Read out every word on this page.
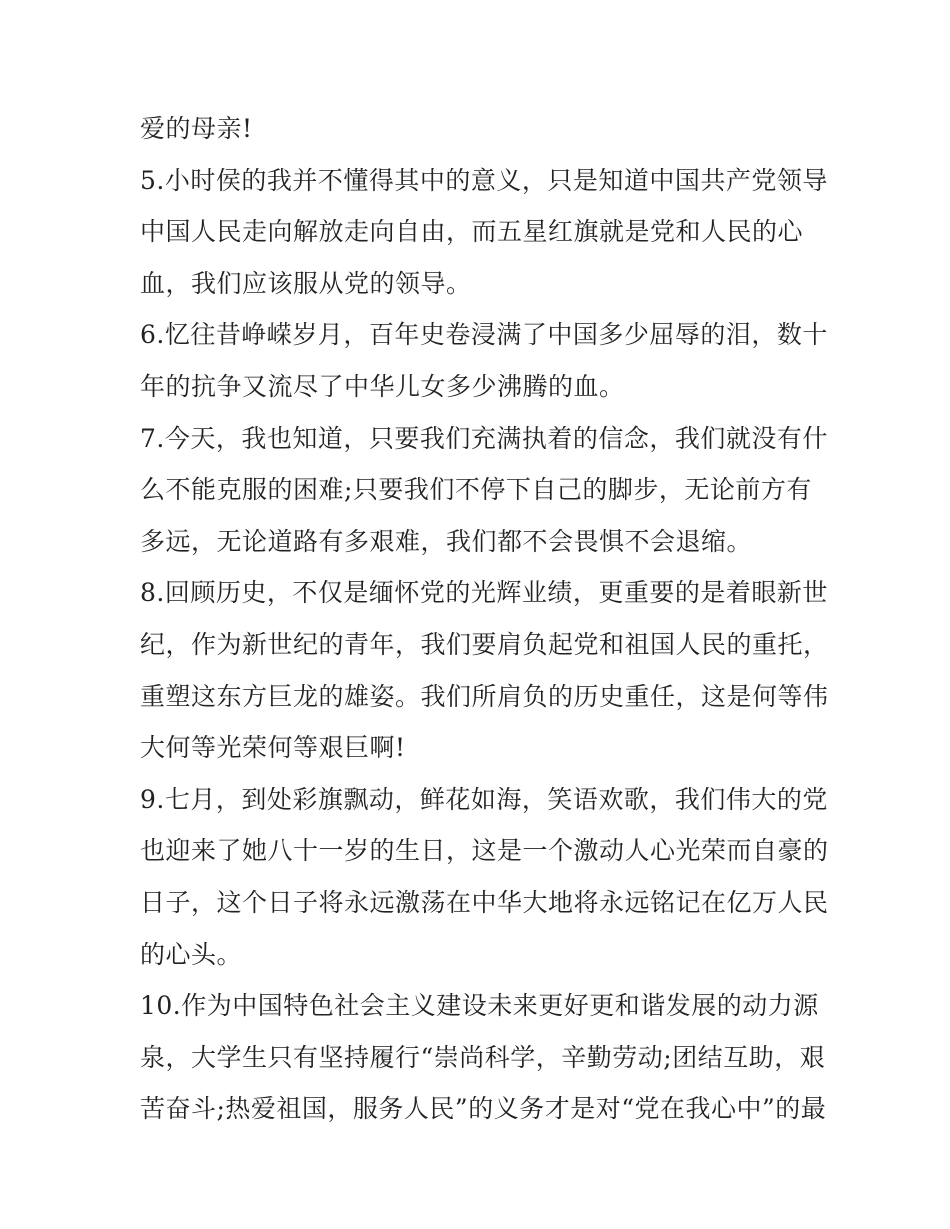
爱的母亲!
5.小时侯的我并不懂得其中的意义，只是知道中国共产党领导
中国人民走向解放走向自由，而五星红旗就是党和人民的心
血，我们应该服从党的领导。
6.忆往昔峥嵘岁月，百年史卷浸满了中国多少屈辱的泪，数十
年的抗争又流尽了中华儿女多少沸腾的血。
7.今天，我也知道，只要我们充满执着的信念，我们就没有什
么不能克服的困难;只要我们不停下自己的脚步，无论前方有
多远，无论道路有多艰难，我们都不会畏惧不会退缩。
8.回顾历史，不仅是缅怀党的光辉业绩，更重要的是着眼新世
纪，作为新世纪的青年，我们要肩负起党和祖国人民的重托，
重塑这东方巨龙的雄姿。我们所肩负的历史重任，这是何等伟
大何等光荣何等艰巨啊!
9.七月，到处彩旗飘动，鲜花如海，笑语欢歌，我们伟大的党
也迎来了她八十一岁的生日，这是一个激动人心光荣而自豪的
日子，这个日子将永远激荡在中华大地将永远铭记在亿万人民
的心头。
10.作为中国特色社会主义建设未来更好更和谐发展的动力源
泉，大学生只有坚持履行“崇尚科学，辛勤劳动;团结互助，艰
苦奋斗;热爱祖国，服务人民”的义务才是对“党在我心中”的最
